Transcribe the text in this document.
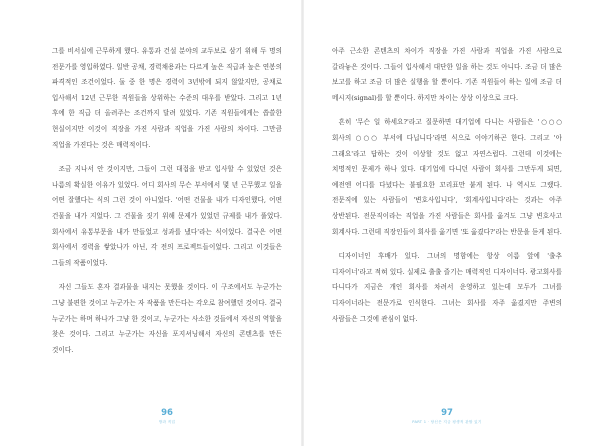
그를 비서실에 근무하게 했다. 유통과 건설 분야의 교두보로 삼기 위해 두 명의 전문가를 영입하였다. 일반 공채, 경력채용과는 다르게 높은 직급과 높은 연봉의 파격적인 조건이었다. 둘 중 한 명은 경력이 3년밖에 되지 않았지만, 공채로 입사해서 12년 근무한 직원들을 상위하는 수준의 대우를 받았다. 그리고 1년 후에 한 직급 더 올려주는 조건까지 달려 있었다. 기존 직원들에게는 씁쓸한 현실이지만 이것이 직장을 가진 사람과 직업을 가진 사람의 차이다. 그만큼 직업을 가진다는 것은 매력적이다.

조금 지나서 안 것이지만, 그들이 그런 대접을 받고 입사할 수 있었던 것은 나름의 확실한 이유가 있었다. 어디 회사의 무슨 부서에서 몇 년 근무했고 일을 어떤 잘했다는 식의 그런 것이 아니었다. '어떤 건물을 내가 디자인했다, 어떤 건물을 내가 지었다. 그 건물을 짓기 위해 문제가 있었던 규제를 내가 풀었다. 회사에서 유통부문을 내가 만들었고 성과를 냈다'라는 식이었다. 결국은 어떤 회사에서 경력을 쌓았나가 아닌, 각 전의 프로젝트들이었다. 그리고 이것들은 그들의 작품이었다.

자신 그들도 혼자 결과물을 내지는 못했을 것이다. 이 구조에서도 누군가는 그냥 불편한 것이고 누군가는 자 작품을 만든다는 각오로 참여했던 것이다. 결국 누군가는 하며 하나가 그냥 한 것이고, 누군가는 사소한 것들에서 자신의 역할을 찾은 것이다. 그리고 누군가는 자신을 포지셔닝해서 자신의 콘텐츠를 만든 것이다.

96
방과 직업

아주 근소한 콘텐츠의 차이가 직장을 가진 사람과 직업을 가진 사람으로 갈라놓은 것이다. 그들이 입사해서 대단한 일을 하는 것도 아니다. 조금 더 많은 보고를 하고 조금 더 많은 실행을 할 뿐이다. 기존 직원들이 하는 일에 조금 더 메시지(signal)를 할 뿐이다. 하지만 차이는 상상 이상으로 크다.

흔히 '무슨 일 하세요?'라고 질문하면 대기업에 다니는 사람들은 '○○○ 회사의 ○○○ 부서에 다닙니다'라면 식으로 이야기하곤 한다. 그리고 '아 그래요'라고 답하는 것이 이상할 것도 없고 자연스럽다. 그런데 이것에는 치명적인 문제가 하나 있다. 대기업에 다니던 사람이 회사를 그만두게 되면, 예전엔 어디를 다녔다는 불필요한 꼬리표만 붙게 된다. 나 역시도 그랬다. 전문직에 있는 사람들이 '변호사입니다', '회계사입니다'라는 것과는 아주 상반된다. 전문직이라는 직업을 가진 사람들은 회사를 옮겨도 그냥 변호사고 회계사다. 그런데 직장인들이 회사를 옮기면 '또 옮겼다?'라는 반문을 듣게 된다.

디자이너인 후배가 있다. 그녀의 명함에는 항상 이름 앞에 '출추 디자이너'라고 적혀 있다. 실제로 출출 즐기는 매력적인 디자이너다. 광고회사를 다니다가 지금은 개인 회사를 차려서 운영하고 있는데 모두가 그녀를 디자이너라는 전문가로 인식한다. 그녀는 회사를 자주 옮겼지만 주변의 사람들은 그것에 관심이 없다.

97
PART 1 · 당신은 지금 평생직 관할 있기
